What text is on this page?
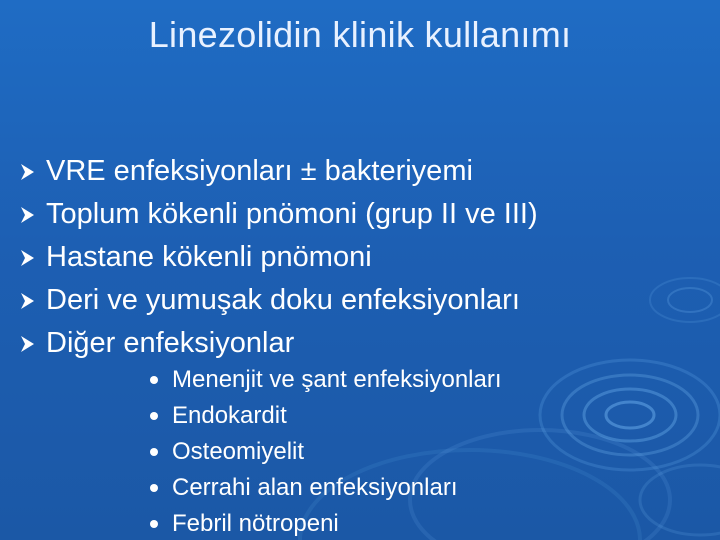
Linezolidin klinik kullanımı
VRE enfeksiyonları ± bakteriyemi
Toplum kökenli pnömoni (grup II ve III)
Hastane kökenli pnömoni
Deri ve yumuşak doku enfeksiyonları
Diğer enfeksiyonlar
Menenjit ve şant enfeksiyonları
Endokardit
Osteomiyelit
Cerrahi alan enfeksiyonları
Febril nötropeni
